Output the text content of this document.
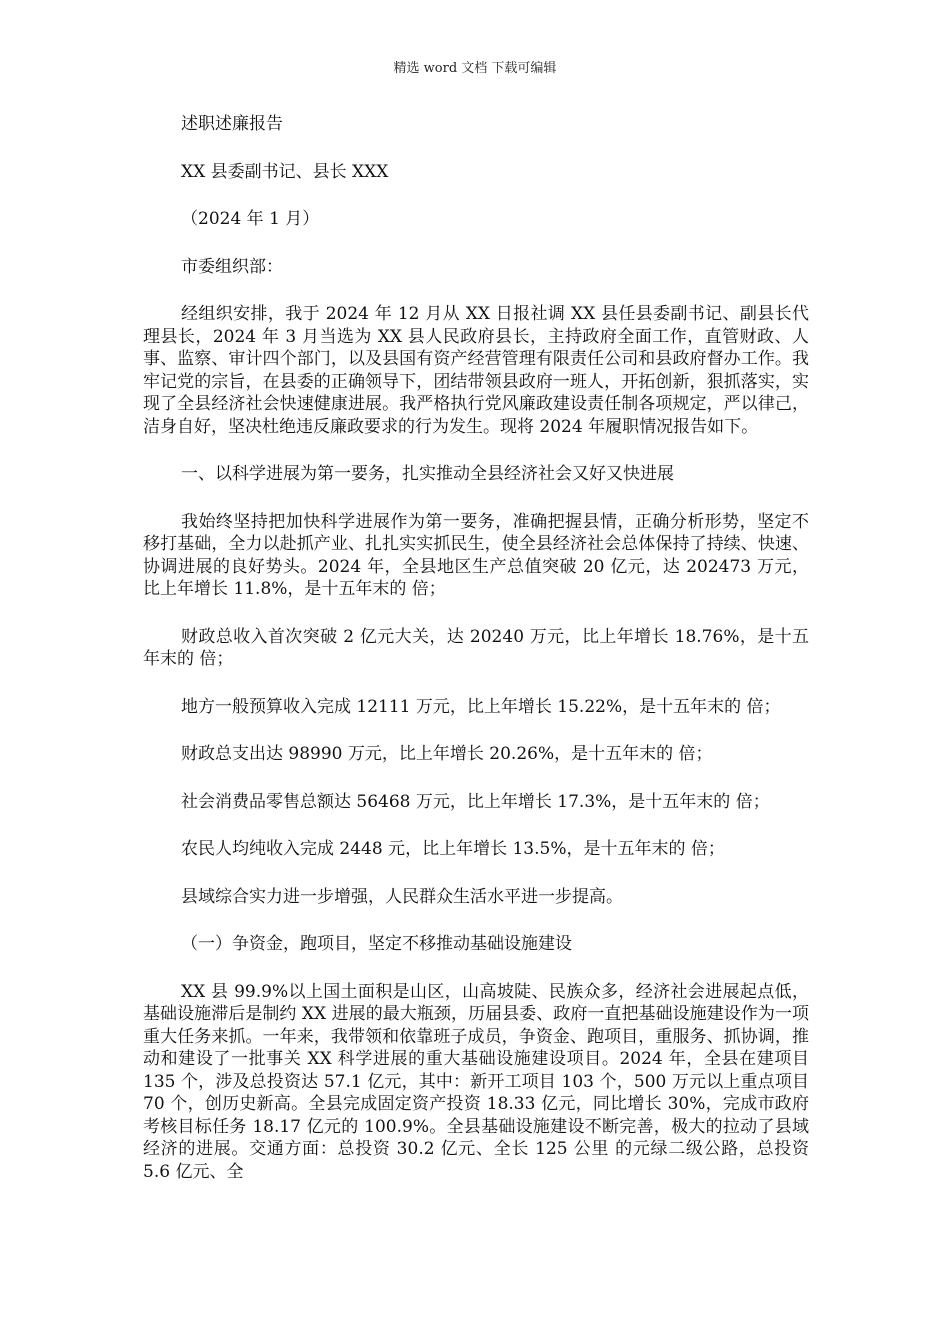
精选 word 文档 下载可编辑

述职述廉报告

XX 县委副书记、县长 XXX

（2024 年 1 月）

市委组织部：

经组织安排，我于 2024 年 12 月从 XX 日报社调 XX 县任县委副书记、副县长代理县长，2024 年 3 月当选为 XX 县人民政府县长，主持政府全面工作，直管财政、人事、监察、审计四个部门，以及县国有资产经营管理有限责任公司和县政府督办工作。我牢记党的宗旨，在县委的正确领导下，团结带领县政府一班人，开拓创新，狠抓落实，实现了全县经济社会快速健康进展。我严格执行党风廉政建设责任制各项规定，严以律己，洁身自好，坚决杜绝违反廉政要求的行为发生。现将 2024 年履职情况报告如下。

一、以科学进展为第一要务，扎实推动全县经济社会又好又快进展

我始终坚持把加快科学进展作为第一要务，准确把握县情，正确分析形势，坚定不移打基础，全力以赴抓产业、扎扎实实抓民生，使全县经济社会总体保持了持续、快速、协调进展的良好势头。2024 年，全县地区生产总值突破 20 亿元，达 202473 万元，比上年增长 11.8%，是十五年末的 倍；

财政总收入首次突破 2 亿元大关，达 20240 万元，比上年增长 18.76%，是十五年末的 倍；

地方一般预算收入完成 12111 万元，比上年增长 15.22%，是十五年末的 倍；

财政总支出达 98990 万元，比上年增长 20.26%，是十五年末的 倍；

社会消费品零售总额达 56468 万元，比上年增长 17.3%，是十五年末的 倍；

农民人均纯收入完成 2448 元，比上年增长 13.5%，是十五年末的 倍；

县域综合实力进一步增强，人民群众生活水平进一步提高。

（一）争资金，跑项目，坚定不移推动基础设施建设

XX 县 99.9%以上国土面积是山区，山高坡陡、民族众多，经济社会进展起点低，基础设施滞后是制约 XX 进展的最大瓶颈，历届县委、政府一直把基础设施建设作为一项重大任务来抓。一年来，我带领和依靠班子成员，争资金、跑项目，重服务、抓协调，推动和建设了一批事关 XX 科学进展的重大基础设施建设项目。2024 年，全县在建项目 135 个，涉及总投资达 57.1 亿元，其中：新开工项目 103 个，500 万元以上重点项目 70 个，创历史新高。全县完成固定资产投资 18.33 亿元，同比增长 30%，完成市政府考核目标任务 18.17 亿元的 100.9%。全县基础设施建设不断完善，极大的拉动了县域经济的进展。交通方面：总投资 30.2 亿元、全长 125 公里 的元绿二级公路，总投资 5.6 亿元、全
